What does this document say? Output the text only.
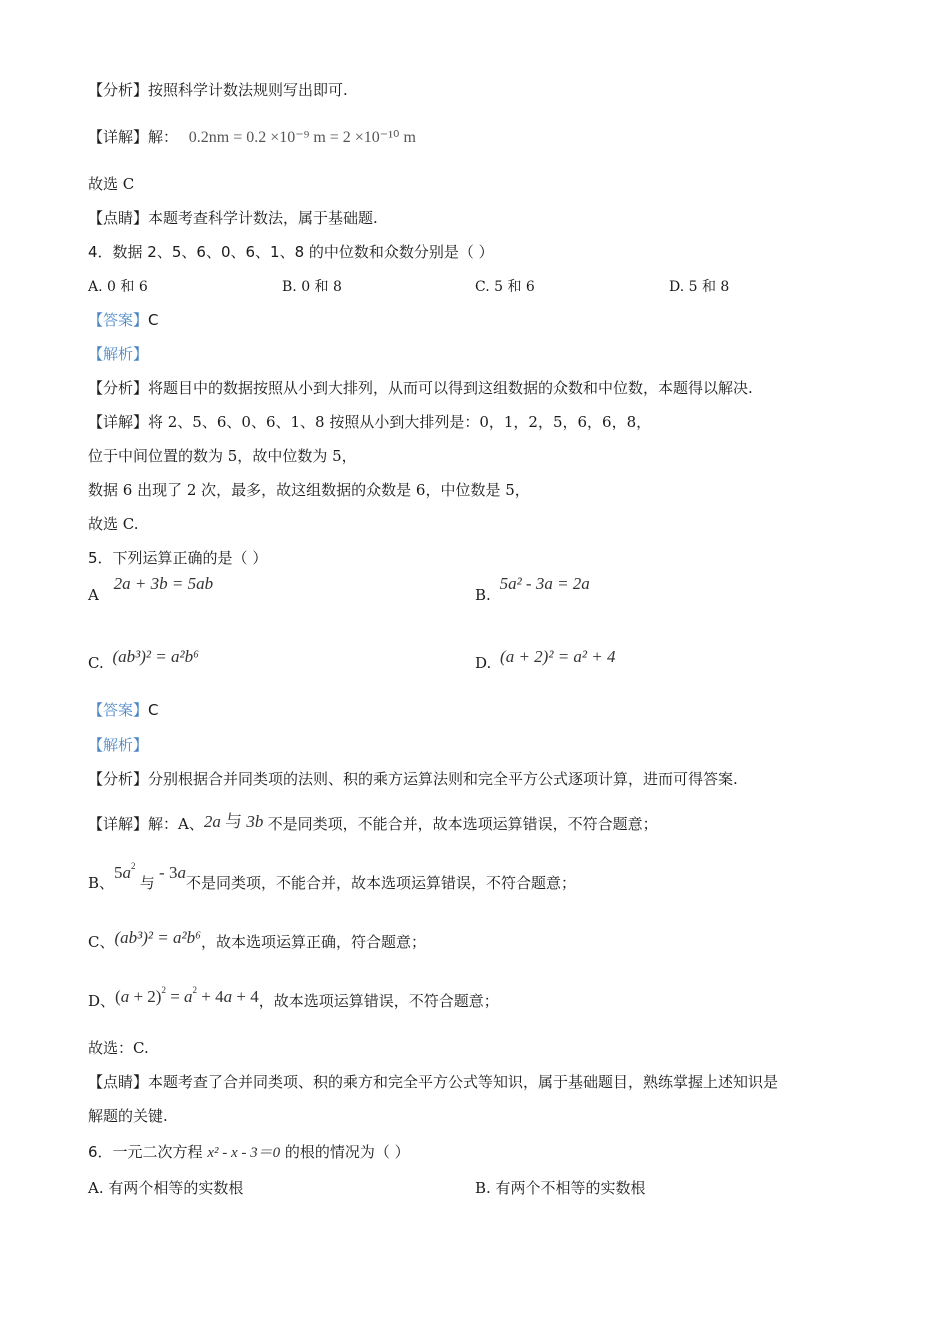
【分析】按照科学计数法规则写出即可.
【详解】解： 0.2nm = 0.2 ×10⁻⁹ m = 2 ×10⁻¹⁰ m
故选 C
【点睛】本题考查科学计数法，属于基础题.
4．数据 2、5、6、0、6、1、8 的中位数和众数分别是（ ）
A. 0 和 6	B. 0 和 8	C. 5 和 6	D. 5 和 8
【答案】C
【解析】
【分析】将题目中的数据按照从小到大排列，从而可以得到这组数据的众数和中位数，本题得以解决.
【详解】将 2、5、6、0、6、1、8 按照从小到大排列是：0，1，2，5，6，6，8，
位于中间位置的数为 5，故中位数为 5，
数据 6 出现了 2 次，最多，故这组数据的众数是 6，中位数是 5，
故选 C.
5．下列运算正确的是（ ）
A 2a + 3b = 5ab
B. 5a² - 3a = 2a
C. (ab³)² = a²b⁶	D. (a + 2)² = a² + 4
【答案】C
【解析】
【分析】分别根据合并同类项的法则、积的乘方运算法则和完全平方公式逐项计算，进而可得答案.
【详解】解：A、2a 与 3b 不是同类项，不能合并，故本选项运算错误，不符合题意；
B、$5a^2$ 与 - 3a不是同类项，不能合并，故本选项运算错误，不符合题意；
C、(ab³)² = a²b⁶，故本选项运算正确，符合题意；
D、$(a + 2)^2 = a^2 + 4a + 4$，故本选项运算错误，不符合题意；
故选：C.
【点睛】本题考查了合并同类项、积的乘方和完全平方公式等知识，属于基础题目，熟练掌握上述知识是
解题的关键.
6．一元二次方程 x² - x - 3＝0 的根的情况为（ ）
A. 有两个相等的实数根	B. 有两个不相等的实数根
